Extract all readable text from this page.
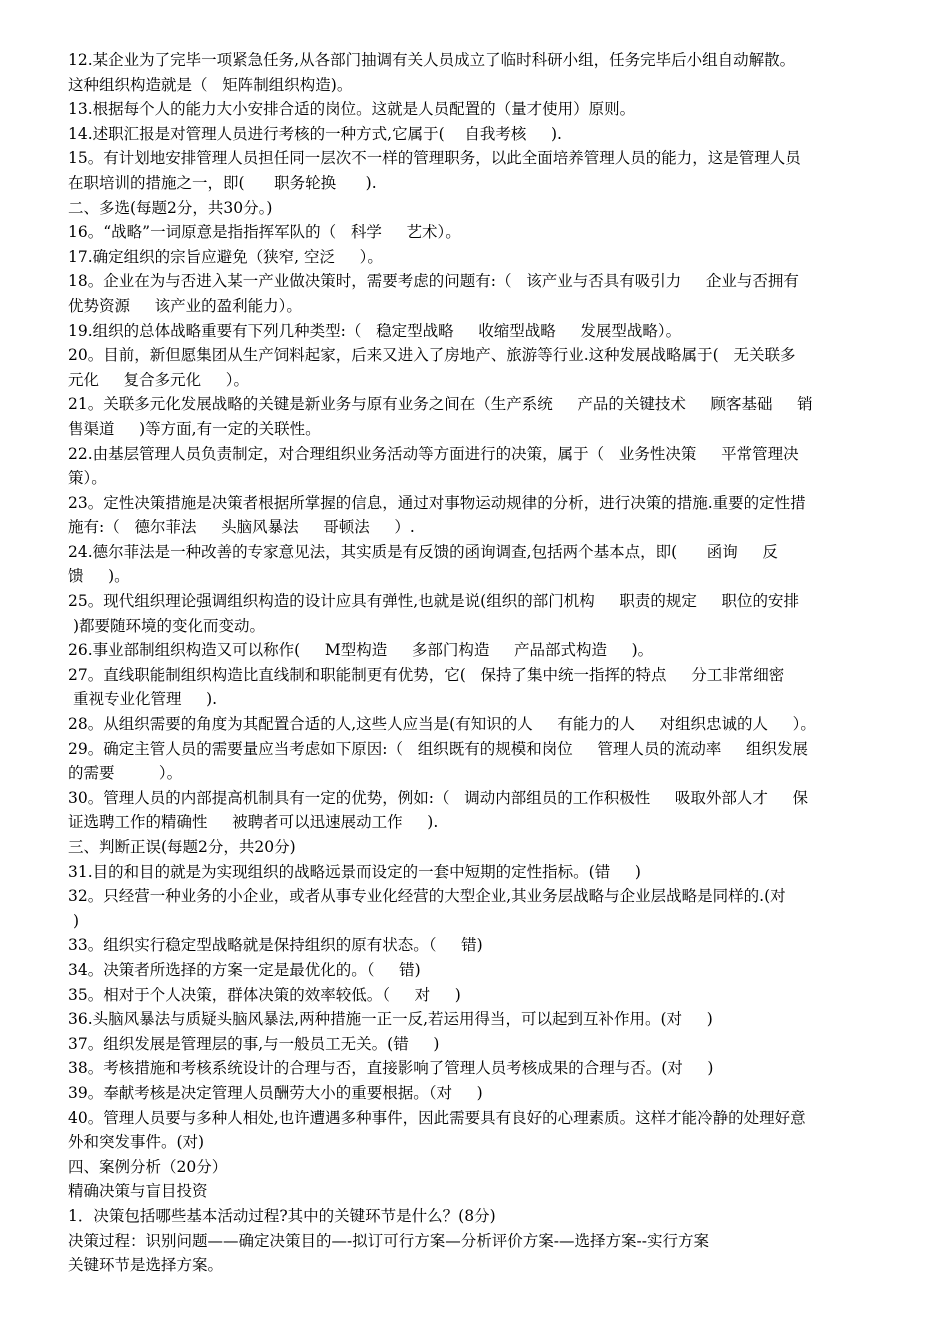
12.某企业为了完毕一项紧急任务,从各部门抽调有关人员成立了临时科研小组，任务完毕后小组自动解散。

这种组织构造就是（   矩阵制组织构造)。

13.根据每个人的能力大小安排合适的岗位。这就是人员配置的（量才使用）原则。

14.述职汇报是对管理人员进行考核的一种方式,它属于(    自我考核     ).

15。有计划地安排管理人员担任同一层次不一样的管理职务，以此全面培养管理人员的能力，这是管理人员

在职培训的措施之一，即(      职务轮换      ).

二、多选(每题2分，共30分。)

16。“战略”一词原意是指指挥军队的（   科学     艺术）。

17.确定组织的宗旨应避免（狭窄, 空泛     ）。

18。企业在为与否进入某一产业做决策时，需要考虑的问题有:（   该产业与否具有吸引力     企业与否拥有

优势资源     该产业的盈利能力）。

19.组织的总体战略重要有下列几种类型:（   稳定型战略     收缩型战略     发展型战略）。

20。目前，新但愿集团从生产饲料起家，后来又进入了房地产、旅游等行业.这种发展战略属于(   无关联多

元化     复合多元化     ）。

21。关联多元化发展战略的关键是新业务与原有业务之间在（生产系统     产品的关键技术     顾客基础     销

售渠道     )等方面,有一定的关联性。

22.由基层管理人员负责制定，对合理组织业务活动等方面进行的决策，属于（   业务性决策     平常管理决

策）。

23。定性决策措施是决策者根据所掌握的信息，通过对事物运动规律的分析，进行决策的措施.重要的定性措

施有:（   德尔菲法     头脑风暴法     哥顿法     ）.

24.德尔菲法是一种改善的专家意见法，其实质是有反馈的函询调查,包括两个基本点，即(      函询     反

馈     )。

25。现代组织理论强调组织构造的设计应具有弹性,也就是说(组织的部门机构     职责的规定     职位的安排

)都要随环境的变化而变动。

26.事业部制组织构造又可以称作(     M型构造     多部门构造     产品部式构造     )。

27。直线职能制组织构造比直线制和职能制更有优势，它(   保持了集中统一指挥的特点     分工非常细密

重视专业化管理     ).

28。从组织需要的角度为其配置合适的人,这些人应当是(有知识的人     有能力的人     对组织忠诚的人     ）。

29。确定主管人员的需要量应当考虑如下原因:（   组织既有的规模和岗位     管理人员的流动率     组织发展

的需要         ）。

30。管理人员的内部提高机制具有一定的优势，例如:（   调动内部组员的工作积极性     吸取外部人才     保

证选聘工作的精确性     被聘者可以迅速展动工作     ).

三、判断正误(每题2分，共20分)

31.目的和目的就是为实现组织的战略远景而设定的一套中短期的定性指标。(错     )

32。只经营一种业务的小企业，或者从事专业化经营的大型企业,其业务层战略与企业层战略是同样的.(对

)

33。组织实行稳定型战略就是保持组织的原有状态。（     错)

34。决策者所选择的方案一定是最优化的。（     错)

35。相对于个人决策，群体决策的效率较低。（     对     )

36.头脑风暴法与质疑头脑风暴法,两种措施一正一反,若运用得当，可以起到互补作用。(对     )

37。组织发展是管理层的事,与一般员工无关。(错     )

38。考核措施和考核系统设计的合理与否，直接影响了管理人员考核成果的合理与否。(对     )

39。奉献考核是决定管理人员酬劳大小的重要根据。（对     )

40。管理人员要与多种人相处,也许遭遇多种事件，因此需要具有良好的心理素质。这样才能冷静的处理好意

外和突发事件。(对)

四、案例分析（20分）

精确决策与盲目投资

1．决策包括哪些基本活动过程?其中的关键环节是什么？(8分)

决策过程：识别问题——确定决策目的—-拟订可行方案—分析评价方案-—选择方案--实行方案

关键环节是选择方案。
